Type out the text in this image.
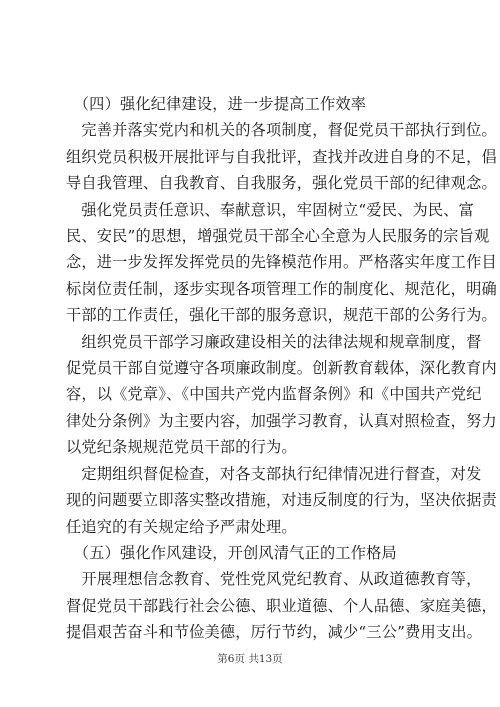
　（四）强化纪律建设，进一步提高工作效率

　完善并落实党内和机关的各项制度，督促党员干部执行到位。
组织党员积极开展批评与自我批评，查找并改进自身的不足，倡
导自我管理、自我教育、自我服务，强化党员干部的纪律观念。

　强化党员责任意识、奉献意识，牢固树立“爱民、为民、富
民、安民”的思想，增强党员干部全心全意为人民服务的宗旨观
念，进一步发挥发挥党员的先锋模范作用。严格落实年度工作目
标岗位责任制，逐步实现各项管理工作的制度化、规范化，明确
干部的工作责任，强化干部的服务意识，规范干部的公务行为。

　组织党员干部学习廉政建设相关的法律法规和规章制度，督
促党员干部自觉遵守各项廉政制度。创新教育载体，深化教育内
容，以《党章》、《中国共产党内监督条例》和《中国共产党纪
律处分条例》为主要内容，加强学习教育，认真对照检查，努力
以党纪条规规范党员干部的行为。

　定期组织督促检查，对各支部执行纪律情况进行督查，对发
现的问题要立即落实整改措施，对违反制度的行为，坚决依据责
任追究的有关规定给予严肃处理。

　（五）强化作风建设，开创风清气正的工作格局

　开展理想信念教育、党性党风党纪教育、从政道德教育等，
督促党员干部践行社会公德、职业道德、个人品德、家庭美德，
提倡艰苦奋斗和节俭美德，厉行节约，减少“三公”费用支出。

第6页 共13页
